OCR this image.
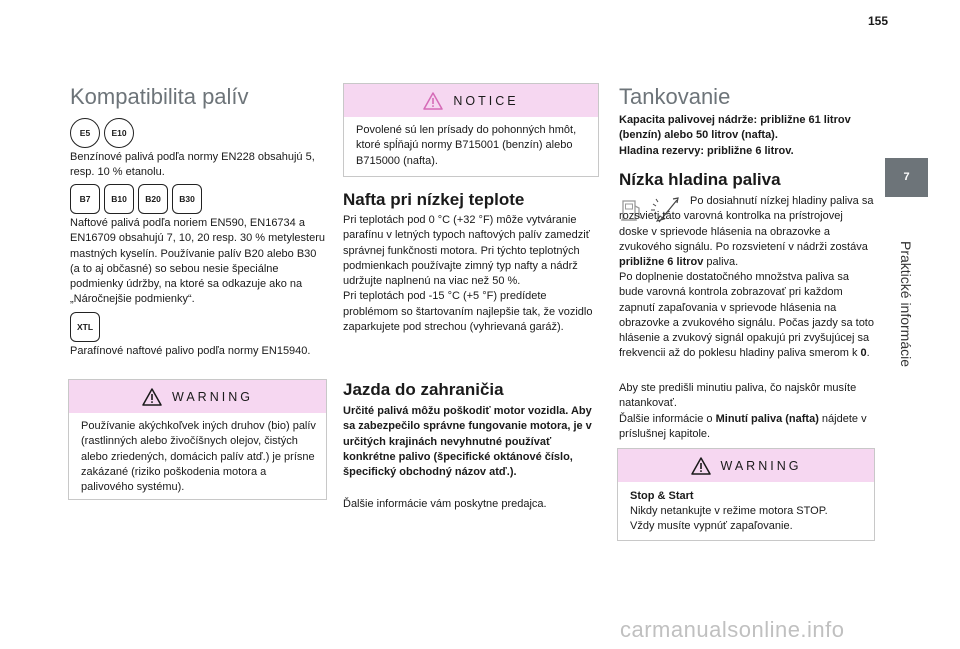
155
7
Praktické informácie
Kompatibilita palív
E5	E10
Benzínové palivá podľa normy EN228 obsahujú 5, resp. 10 % etanolu.
B7	B10	B20	B30
Naftové palivá podľa noriem EN590, EN16734 a EN16709 obsahujú 7, 10, 20 resp. 30 % metylesteru mastných kyselín. Používanie palív B20 alebo B30 (a to aj občasné) so sebou nesie špeciálne podmienky údržby, na ktoré sa odkazuje ako na „Náročnejšie podmienky“.
XTL
Parafínové naftové palivo podľa normy EN15940.
WARNING
Používanie akýchkoľvek iných druhov (bio) palív (rastlinných alebo živočíšnych olejov, čistých alebo zriedených, domácich palív atď.) je prísne zakázané (riziko poškodenia motora a palivového systému).
NOTICE
Povolené sú len prísady do pohonných hmôt, ktoré spĺňajú normy B715001 (benzín) alebo B715000 (nafta).
Nafta pri nízkej teplote
Pri teplotách pod 0 °C (+32 °F) môže vytváranie parafínu v letných typoch naftových palív zamedziť správnej funkčnosti motora. Pri týchto teplotných podmienkach používajte zimný typ nafty a nádrž udržujte naplnenú na viac než 50 %.
Pri teplotách pod -15 °C (+5 °F) predídete problémom so štartovaním najlepšie tak, že vozidlo zaparkujete pod strechou (vyhrievaná garáž).
Jazda do zahraničia
Určité palivá môžu poškodiť motor vozidla. Aby sa zabezpečilo správne fungovanie motora, je v určitých krajinách nevyhnutné používať konkrétne palivo (špecifické oktánové číslo, špecifický obchodný názov atď.).
Ďalšie informácie vám poskytne predajca.
Tankovanie
Kapacita palivovej nádrže: približne 61 litrov (benzín) alebo 50 litrov (nafta).
Hladina rezervy: približne 6 litrov.
Nízka hladina paliva
Po dosiahnutí nízkej hladiny paliva sa rozsvieti táto varovná kontrolka na prístrojovej doske v sprievode hlásenia na obrazovke a zvukového signálu. Po rozsvietení v nádrži zostáva približne 6 litrov paliva.
Po doplnenie dostatočného množstva paliva sa bude varovná kontrola zobrazovať pri každom zapnutí zapaľovania v sprievode hlásenia na obrazovke a zvukového signálu. Počas jazdy sa toto hlásenie a zvukový signál opakujú pri zvyšujúcej sa frekvencii až do poklesu hladiny paliva smerom k 0.
Aby ste predišli minutiu paliva, čo najskôr musíte natankovať.
Ďalšie informácie o Minutí paliva (nafta) nájdete v príslušnej kapitole.
WARNING
Stop & Start
Nikdy netankujte v režime motora STOP.
Vždy musíte vypnúť zapaľovanie.
carmanualsonline.info
